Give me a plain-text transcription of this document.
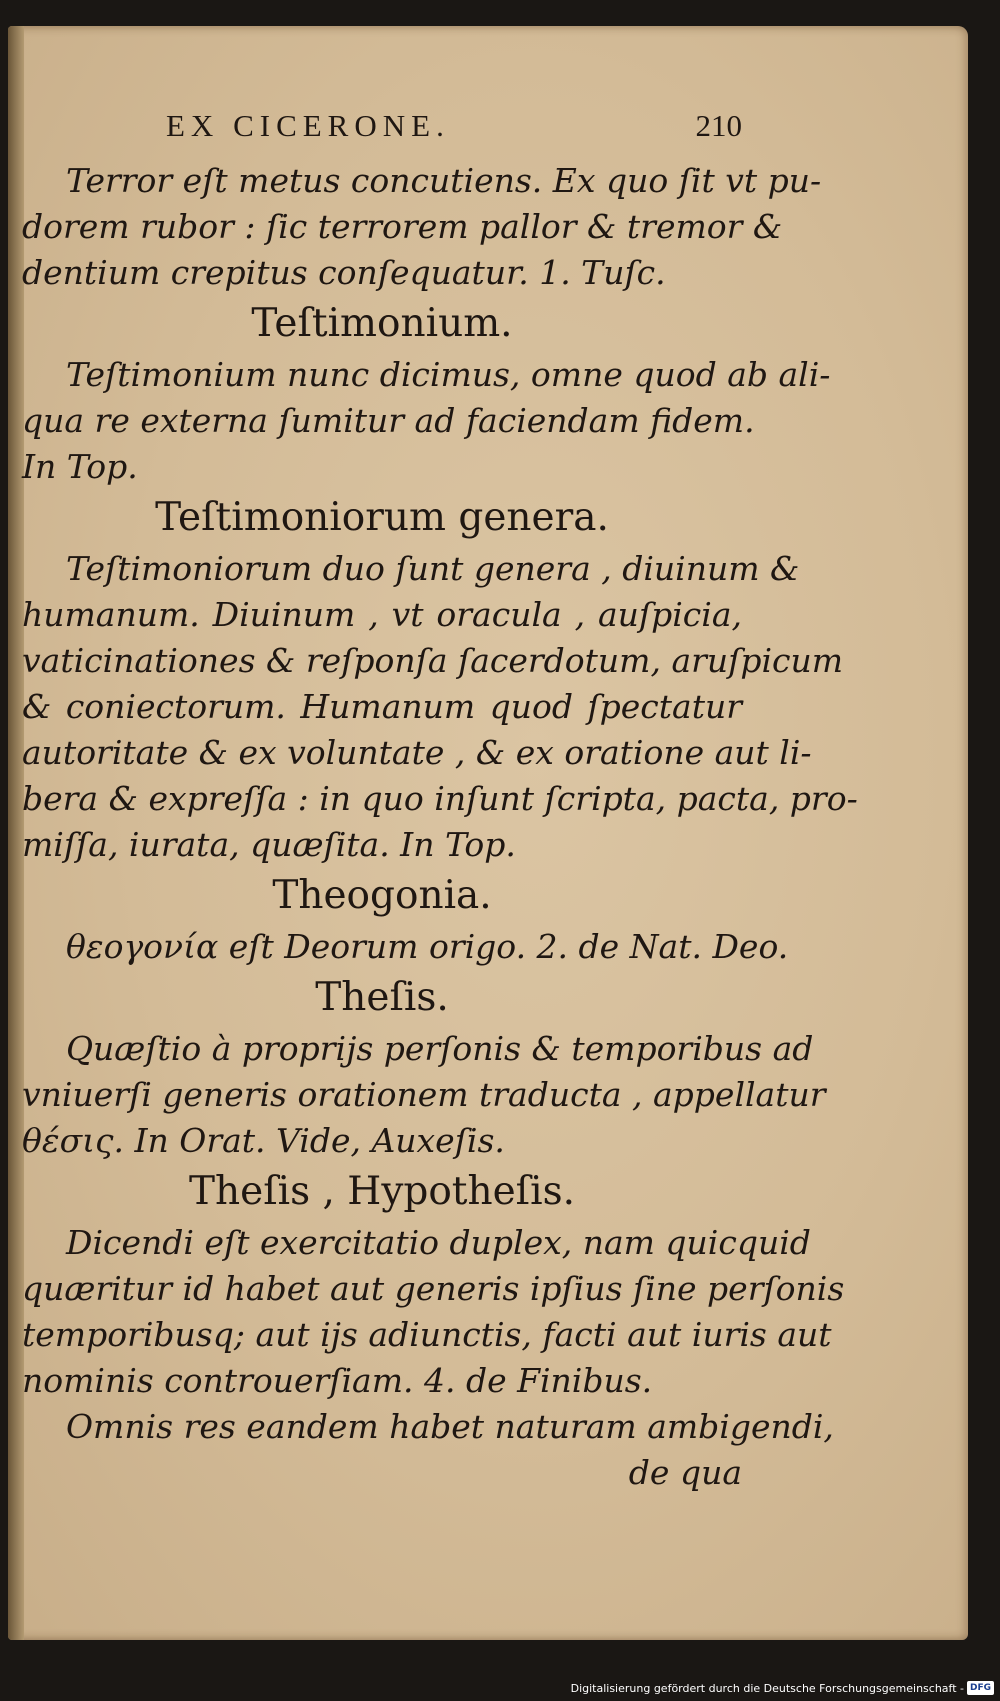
EX CICERONE.	210
Terror eſt metus concutiens. Ex quo ſit vt pu-
dorem rubor : ſic terrorem pallor & tremor &
dentium crepitus conſequatur. 1. Tuſc.
Teſtimonium.
Teſtimonium nunc dicimus, omne quod ab ali-
qua re externa ſumitur ad faciendam fidem.
In Top.
Teſtimoniorum genera.
Teſtimoniorum duo ſunt genera , diuinum &
humanum. Diuinum , vt oracula , auſpicia,
vaticinationes & reſponſa ſacerdotum, aruſpicum
& coniectorum. Humanum quod ſpectatur
autoritate & ex voluntate , & ex oratione aut li-
bera & expreſſa : in quo inſunt ſcripta, pacta, pro-
miſſa, iurata, quæſita. In Top.
Theogonia.
θεογονία eſt Deorum origo. 2. de Nat. Deo.
Theſis.
Quæſtio à proprijs perſonis & temporibus ad
vniuerſi generis orationem traducta , appellatur
θέσις. In Orat. Vide, Auxeſis.
Theſis , Hypotheſis.
Dicendi eſt exercitatio duplex, nam quicquid
quæritur id habet aut generis ipſius ſine perſonis
temporibusq; aut ijs adiunctis, facti aut iuris aut
nominis controuerſiam. 4. de Finibus.
Omnis res eandem habet naturam ambigendi,
de qua
Digitalisierung gefördert durch die Deutsche Forschungsgemeinschaft - DFG
